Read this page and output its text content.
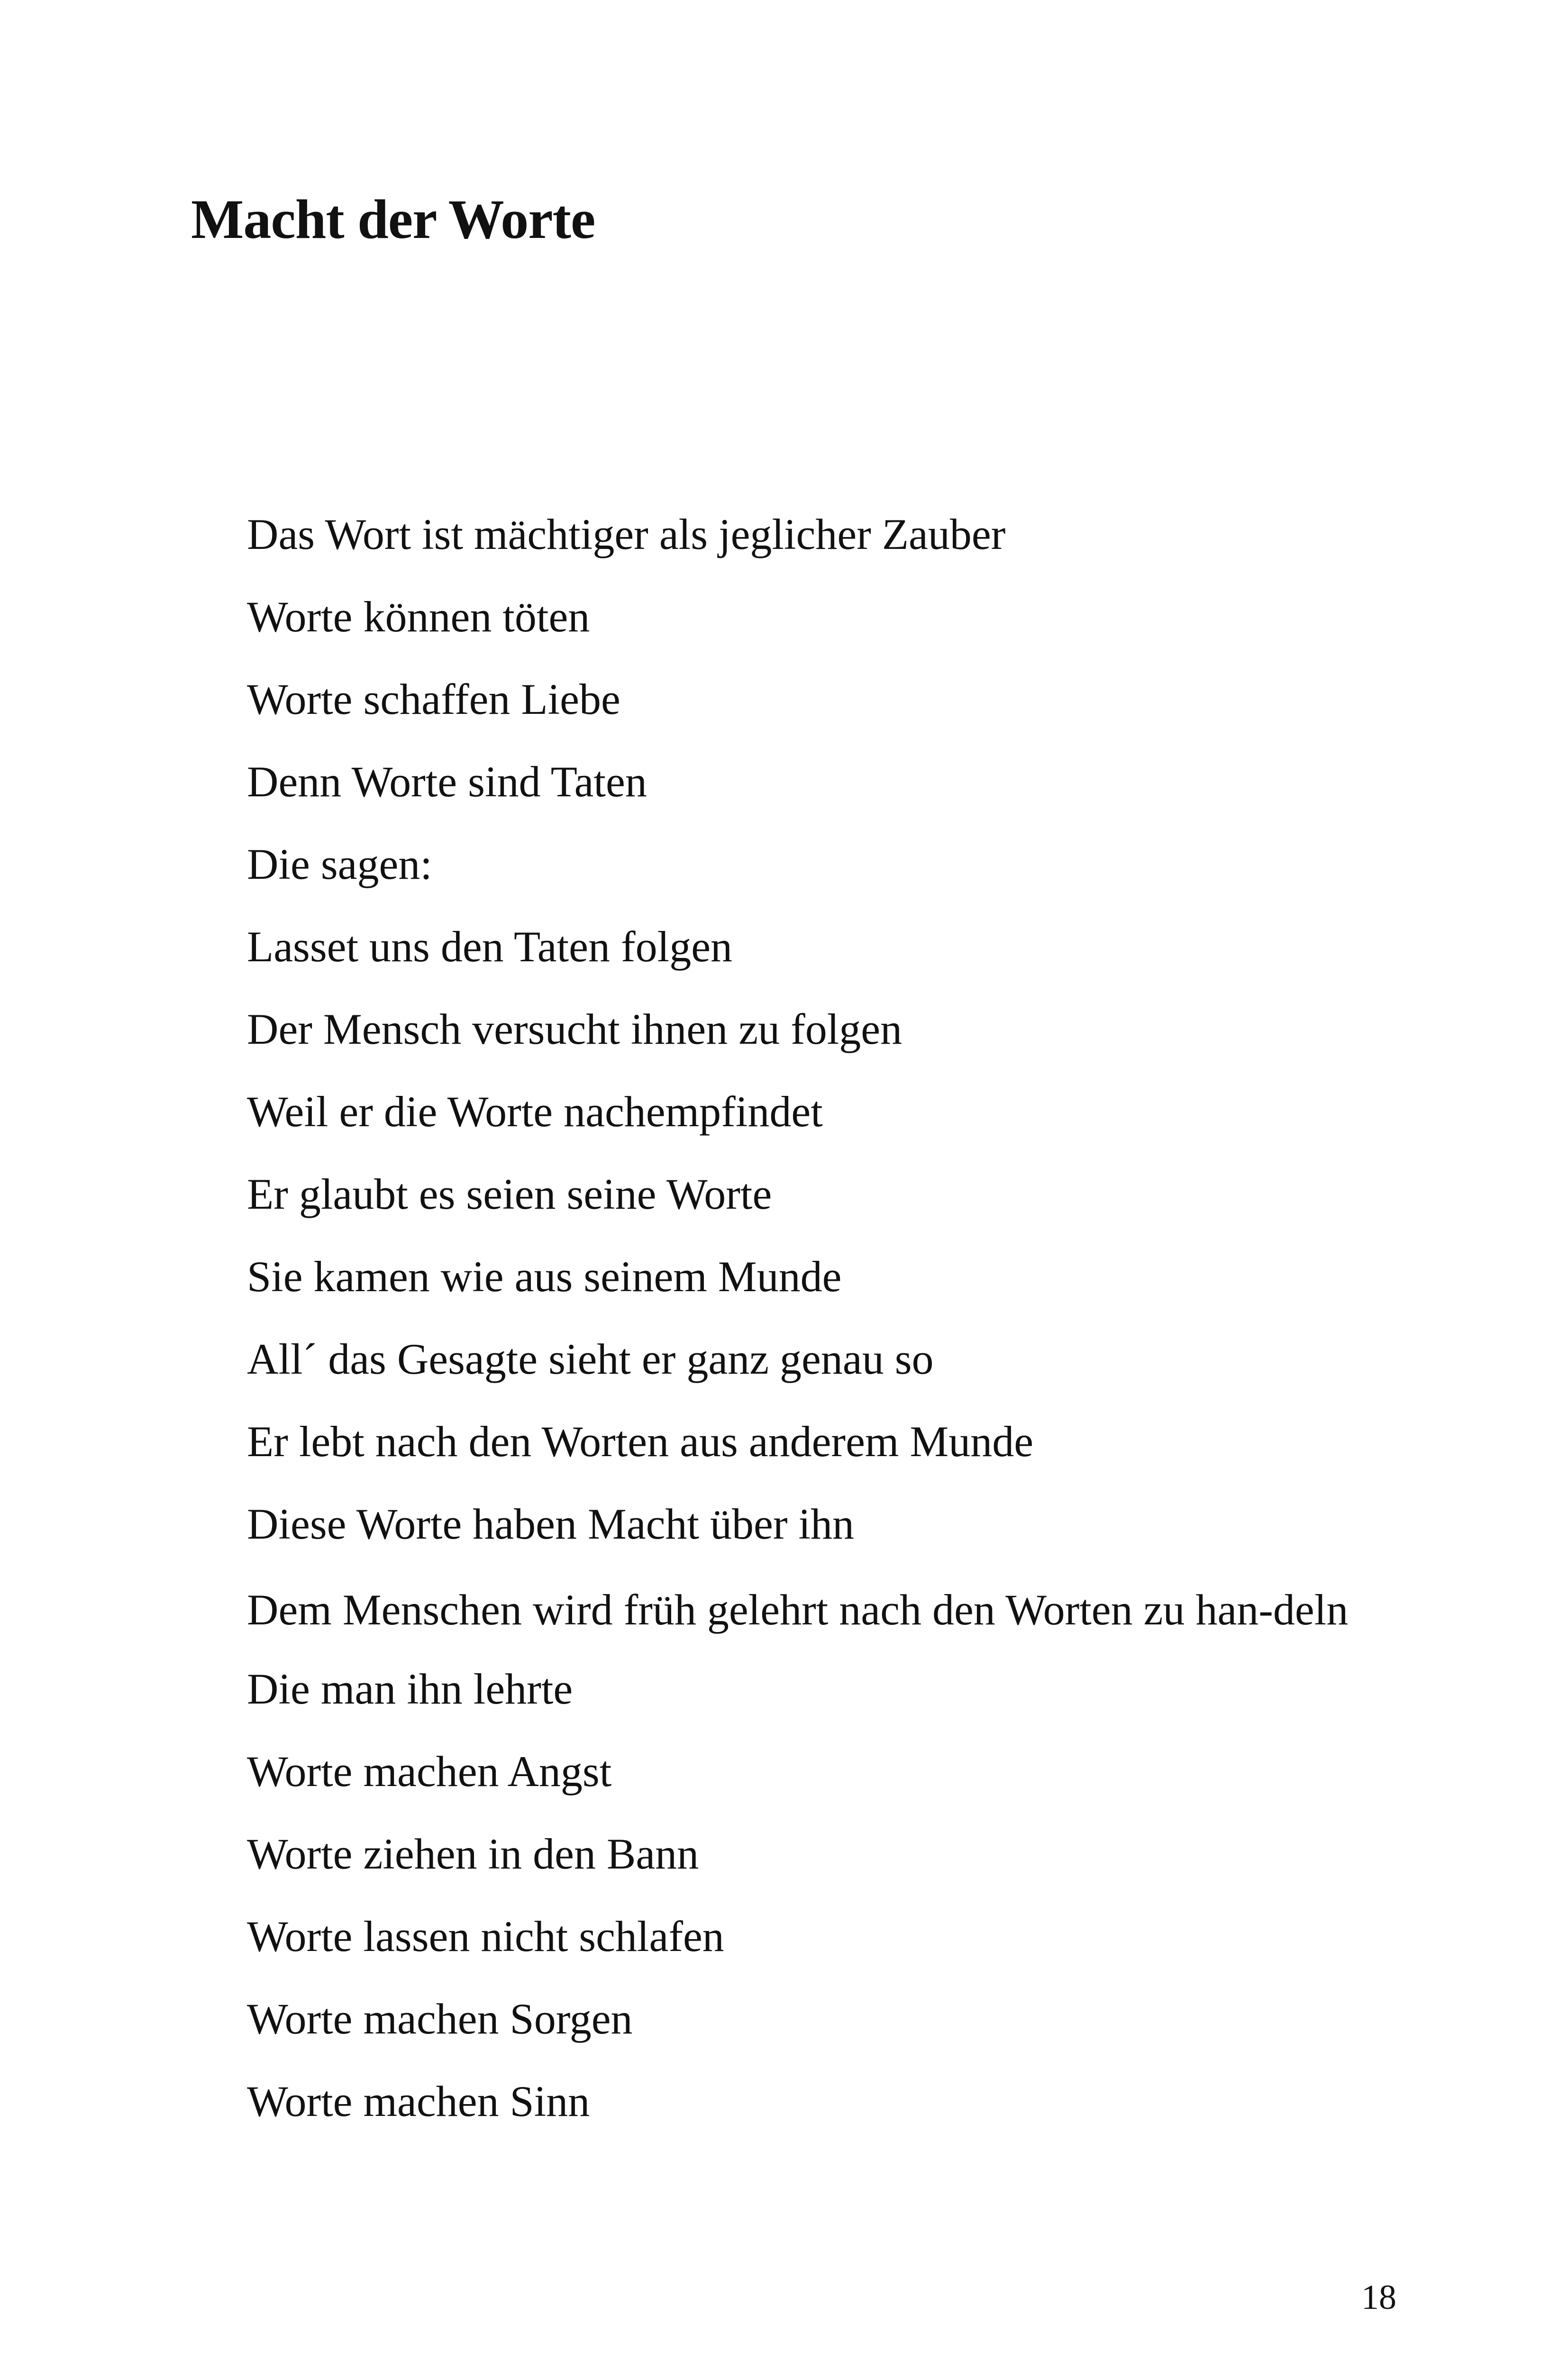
Macht der Worte

Das Wort ist mächtiger als jeglicher Zauber

Worte können töten

Worte schaffen Liebe

Denn Worte sind Taten

Die sagen:

Lasset uns den Taten folgen

Der Mensch versucht ihnen zu folgen

Weil er die Worte nachempfindet

Er glaubt es seien seine Worte

Sie kamen wie aus seinem Munde

All´ das Gesagte sieht er ganz genau so

Er lebt nach den Worten aus anderem Munde

Diese Worte haben Macht über ihn

Dem Menschen wird früh gelehrt nach den Worten zu han-deln

Die man ihn lehrte

Worte machen Angst

Worte ziehen in den Bann

Worte lassen nicht schlafen

Worte machen Sorgen

Worte machen Sinn

18
